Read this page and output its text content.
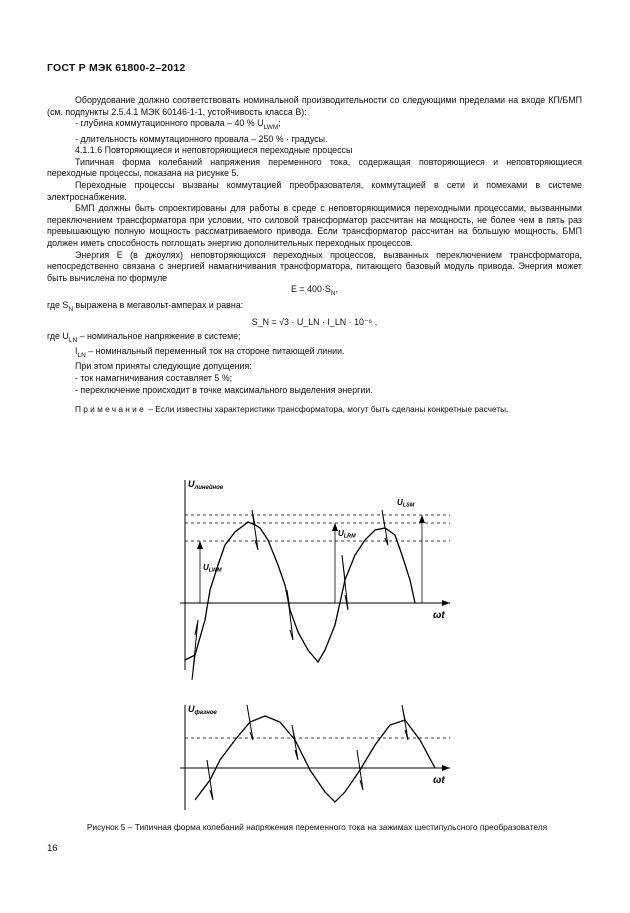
ГОСТ Р МЭК 61800-2–2012

Оборудование должно соответствовать номинальной производительности со следующими пределами на входе КП/БМП (см. подпункты 2.5.4.1 МЭК 60146-1-1, устойчивость класса В):

- глубина коммутационного провала – 40 % $U_{LWM}$;

- длительность коммутационного провала – 250 % · градусы.

4.1.1.6 Повторяющиеся и неповторяющиеся переходные процессы

Типичная форма колебаний напряжения переменного тока, содержащая повторяющиеся и неповторяющиеся переходные процессы, показана на рисунке 5.

Переходные процессы вызваны коммутацией преобразователя, коммутацией в сети и помехами в системе электроснабжения.

БМП должны быть спроектированы для работы в среде с неповторяющимися переходными процессами, вызванными переключением трансформатора при условии, что силовой трансформатор рассчитан на мощность, не более чем в пять раз превышающую полную мощность рассматриваемого привода. Если трансформатор рассчитан на большую мощность, БМП должен иметь способность поглощать энергию дополнительных переходных процессов.

Энергия E (в джоулях) неповторяющихся переходных процессов, вызванных переключением трансформатора, непосредственно связана с энергией намагничивания трансформатора, питающего базовый модуль привода. Энергия может быть вычислена по формуле

$E = 400\cdot S_N$,

где $S_N$ выражена в мегавольт-амперах и равна:

S_N = √3 · U_LN · I_LN · 10⁻⁶ ,

где $U_{LN}$ – номинальное напряжение в системе;

$I_{LN}$ – номинальный переменный ток на стороне питающей линии.

При этом приняты следующие допущения:

- ток намагничивания составляет 5 %;

- переключение происходит в точке максимального выделения энергии.

Примечание – Если известны характеристики трансформатора, могут быть сделаны конкретные расчеты.

$U_{линейное}$
$U_{фазное}$
ωt
ωt
ULWM
ULRM
ULSM
Рисунок 5 – Типичная форма колебаний напряжения переменного тока на зажимах шестипульсного преобразователя
16
